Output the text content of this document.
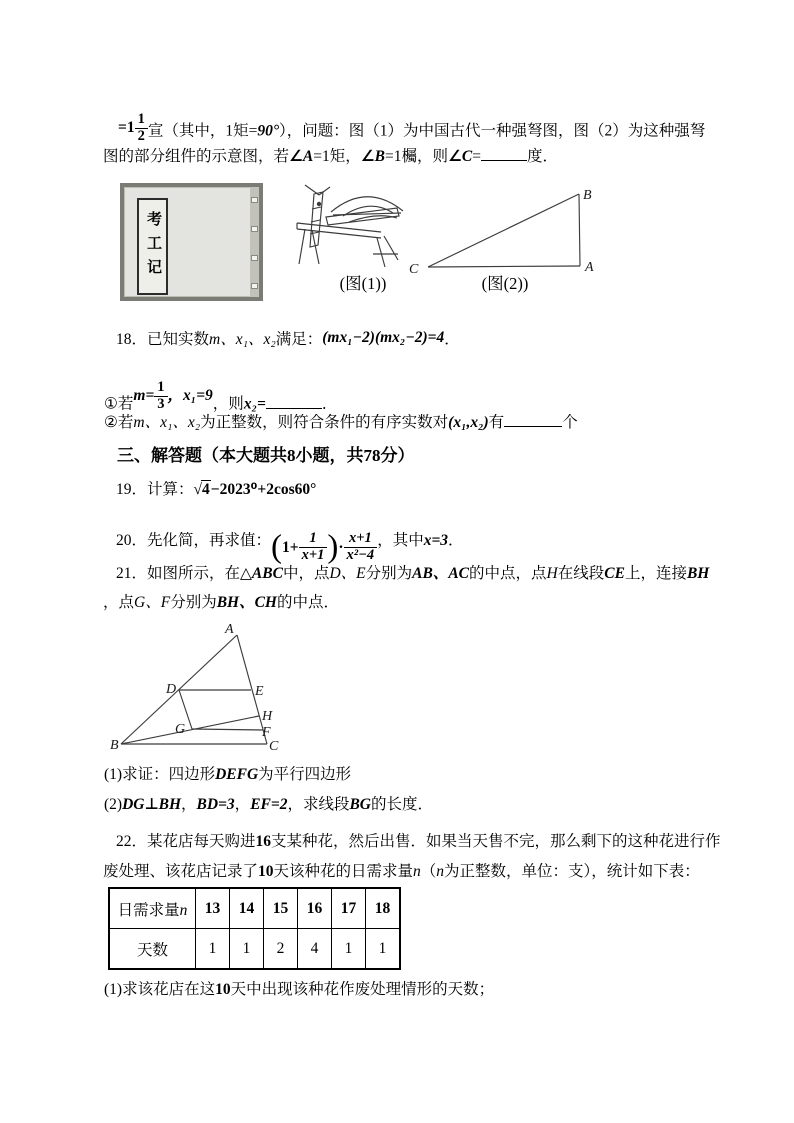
$=1 \frac{1}{2}$ 宣（其中，1矩=90°），问题：图（1）为中国古代一种强弩图，图（2）为这种强弩
图的部分组件的示意图，若∠A=1矩，∠B=1欘，则∠C=	度．
考工记
(图(1))
B
A
C
(图(2))
18．已知实数m、x₁、x₂满足：(mx₁−2)(mx₂−2)=4．
①若$m= \frac{1}{3}$ ，x₁=9，则x₂=	．
②若m、x₁、x₂为正整数，则符合条件的有序实数对(x₁,x₂)有	个
三、解答题（本大题共8小题，共78分）
19．计算：√4−2023⁰+2cos60°
20．先化简，再求值：($1+ \frac{1}{x+1}$ )· $\frac{x+1}{\text{x²−4}}$ ，其中x=3．
21．如图所示，在△ABC中，点D、E分别为AB、AC的中点，点H在线段CE上，连接BH
，点G、F分别为BH、CH的中点．
A
B	C
D	E
G
H
F
(1)求证：四边形DEFG为平行四边形
(2)DG⊥BH，BD=3，EF=2，求线段BG的长度．
22．某花店每天购进16支某种花，然后出售．如果当天售不完，那么剩下的这种花进行作
废处理、该花店记录了10天该种花的日需求量n（n为正整数，单位：支），统计如下表：
日需求量n	13	14	15	16	17	18
天数	1	1	2	4	1	1
(1)求该花店在这10天中出现该种花作废处理情形的天数；
